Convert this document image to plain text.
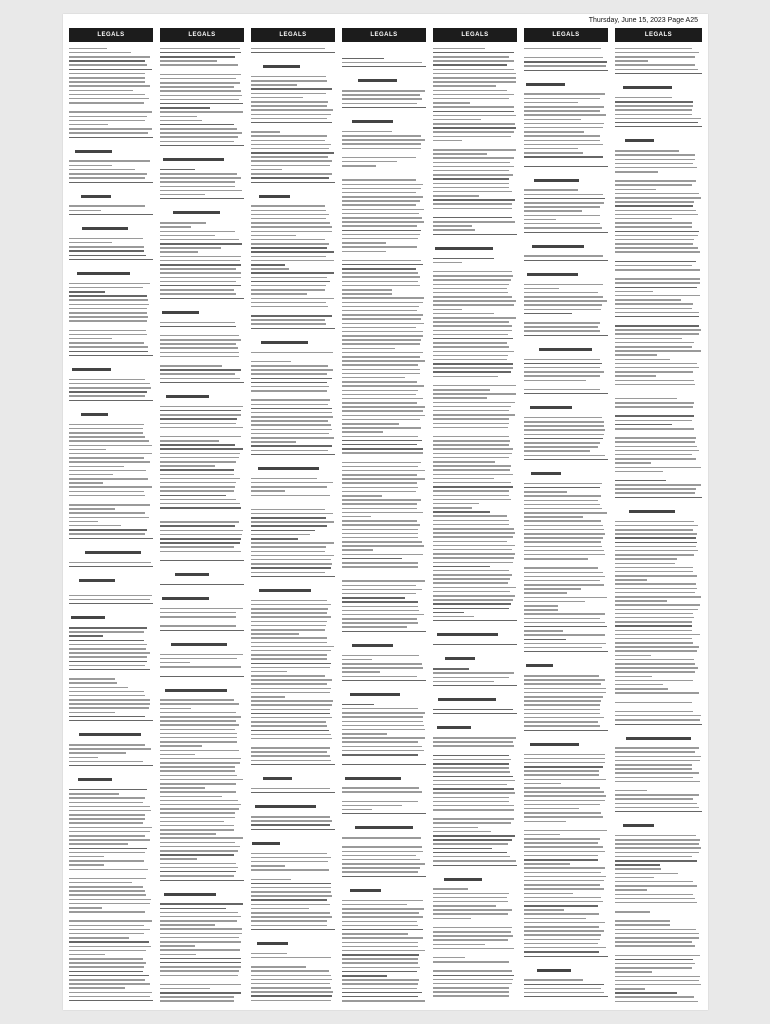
Thursday, June 15, 2023 Page A25
LEGALS	LEGALS	LEGALS	LEGALS	LEGALS	LEGALS	LEGALS
